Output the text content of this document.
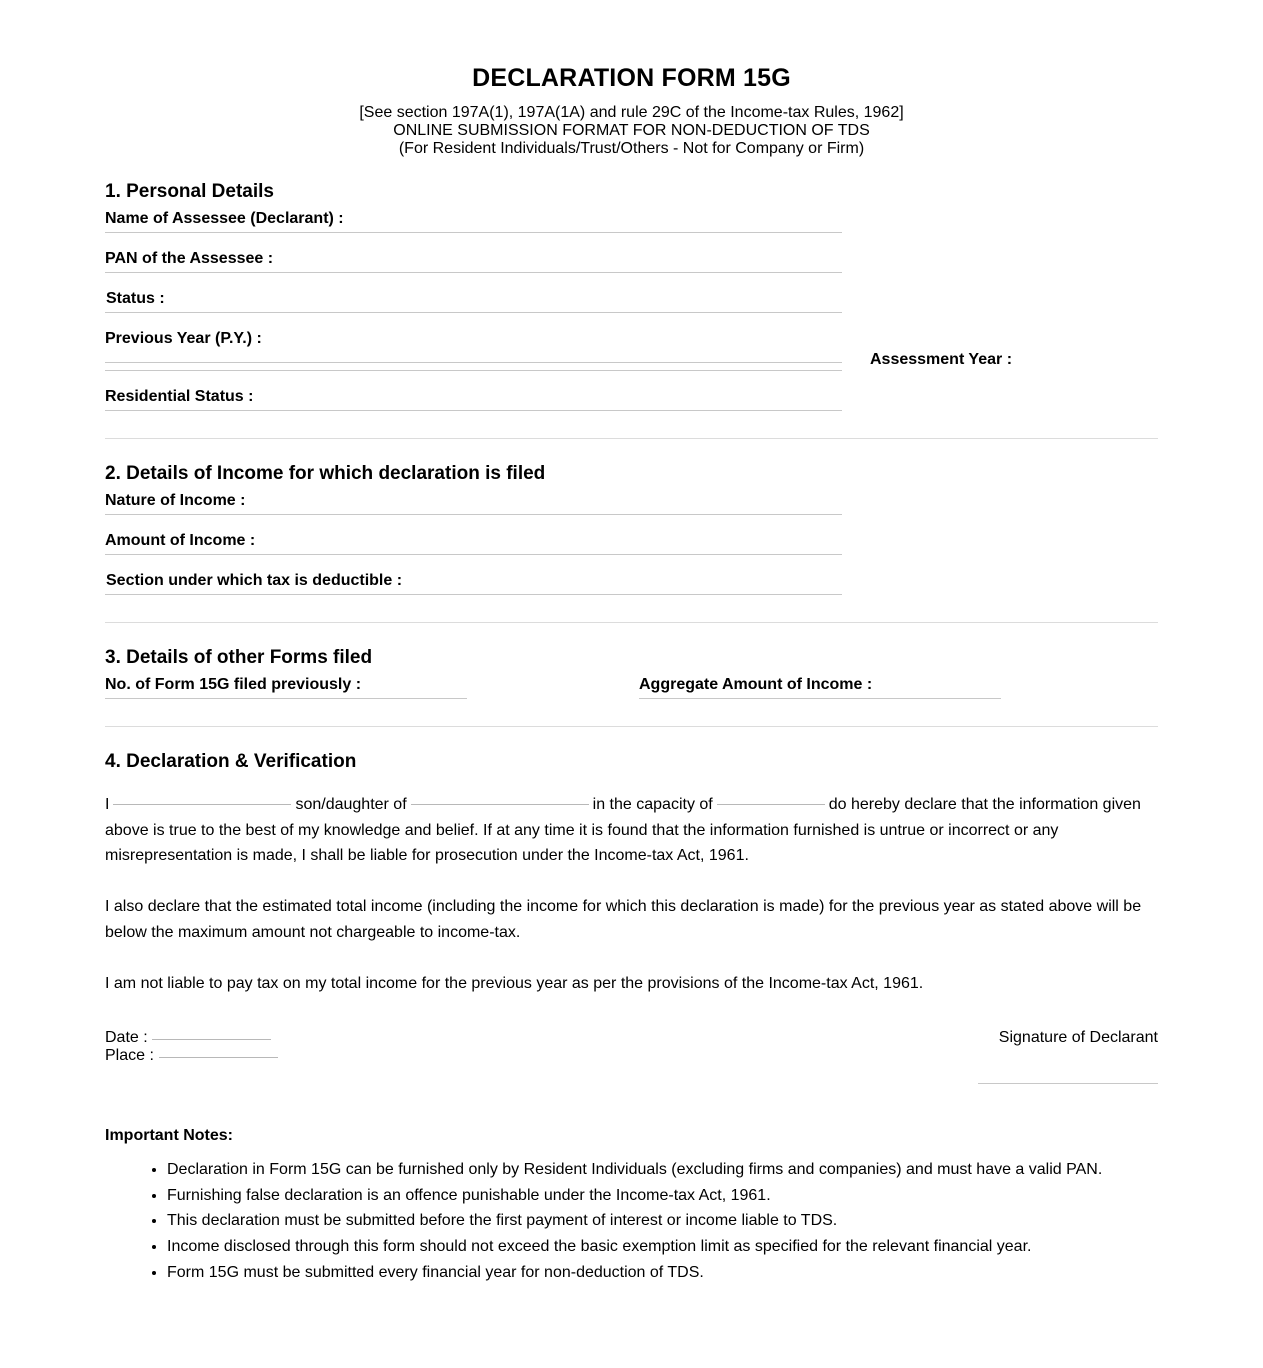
DECLARATION FORM 15G
[See section 197A(1), 197A(1A) and rule 29C of the Income-tax Rules, 1962]
ONLINE SUBMISSION FORMAT FOR NON-DEDUCTION OF TDS
(For Resident Individuals/Trust/Others - Not for Company or Firm)
1. Personal Details
Name of Assessee (Declarant) :
PAN of the Assessee :
Status :
Previous Year (P.Y.) :
Assessment Year :
Residential Status :
2. Details of Income for which declaration is filed
Nature of Income :
Amount of Income :
Section under which tax is deductible :
3. Details of other Forms filed
No. of Form 15G filed previously :	Aggregate Amount of Income :
4. Declaration & Verification
I	son/daughter of	in the capacity of	do hereby declare that the information given above is true to the best of my knowledge and belief. If at any time it is found that the information furnished is untrue or incorrect or any misrepresentation is made, I shall be liable for prosecution under the Income-tax Act, 1961.
I also declare that the estimated total income (including the income for which this declaration is made) for the previous year as stated above will be below the maximum amount not chargeable to income-tax.
I am not liable to pay tax on my total income for the previous year as per the provisions of the Income-tax Act, 1961.
Date :
Place :
Signature of Declarant
Important Notes:
• Declaration in Form 15G can be furnished only by Resident Individuals (excluding firms and companies) and must have a valid PAN.
• Furnishing false declaration is an offence punishable under the Income-tax Act, 1961.
• This declaration must be submitted before the first payment of interest or income liable to TDS.
• Income disclosed through this form should not exceed the basic exemption limit as specified for the relevant financial year.
• Form 15G must be submitted every financial year for non-deduction of TDS.
